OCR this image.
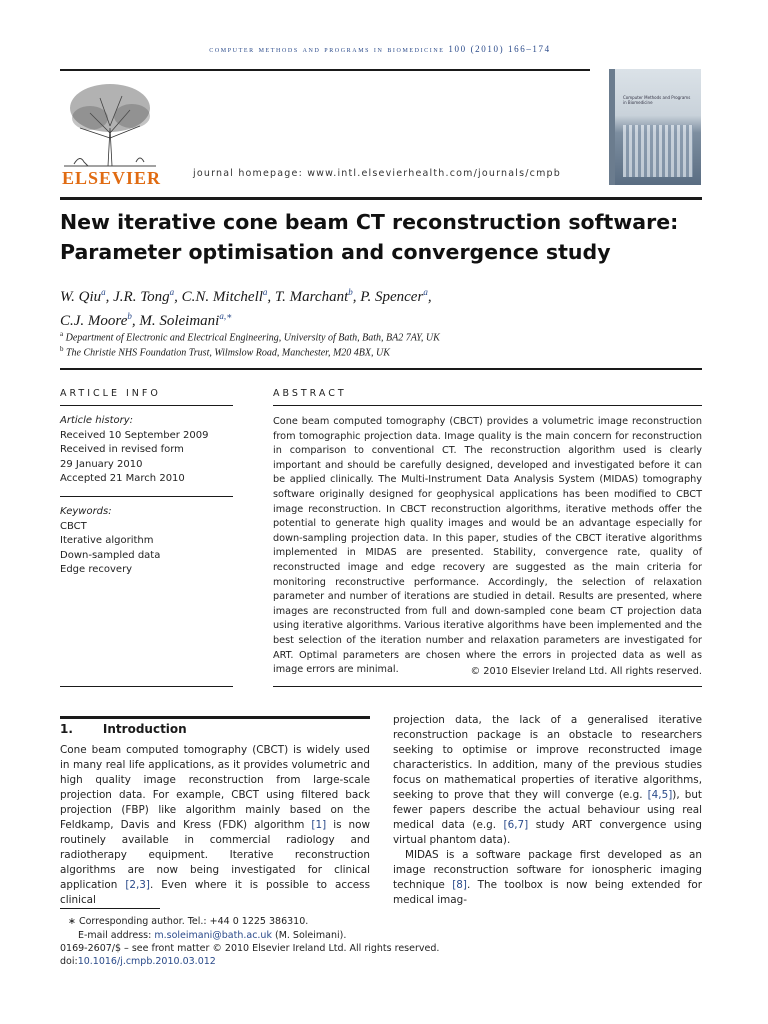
computer methods and programs in biomedicine 100 (2010) 166–174
ELSEVIER	journal homepage: www.intl.elsevierhealth.com/journals/cmpb
Computer Methods and Programs in Biomedicine
New iterative cone beam CT reconstruction software:
Parameter optimisation and convergence study
W. Qiu$^a$, J.R. Tong$^a$, C.N. Mitchell$^a$, T. Marchant$^b$, P. Spencer$^a$,
C.J. Moore$^b$, M. Soleimani$^{a,∗}$
$^a$ Department of Electronic and Electrical Engineering, University of Bath, Bath, BA2 7AY, UK
$^b$ The Christie NHS Foundation Trust, Wilmslow Road, Manchester, M20 4BX, UK
ARTICLE INFO
Article history:
Received 10 September 2009
Received in revised form
29 January 2010
Accepted 21 March 2010
Keywords:
CBCT
Iterative algorithm
Down-sampled data
Edge recovery
ABSTRACT
Cone beam computed tomography (CBCT) provides a volumetric image reconstruction from tomographic projection data. Image quality is the main concern for reconstruction in comparison to conventional CT. The reconstruction algorithm used is clearly important and should be carefully designed, developed and investigated before it can be applied clinically. The Multi-Instrument Data Analysis System (MIDAS) tomography software originally designed for geophysical applications has been modified to CBCT image reconstruction. In CBCT reconstruction algorithms, iterative methods offer the potential to generate high quality images and would be an advantage especially for down-sampling projection data. In this paper, studies of the CBCT iterative algorithms implemented in MIDAS are presented. Stability, convergence rate, quality of reconstructed image and edge recovery are suggested as the main criteria for monitoring reconstructive performance. Accordingly, the selection of relaxation parameter and number of iterations are studied in detail. Results are presented, where images are reconstructed from full and down-sampled cone beam CT projection data using iterative algorithms. Various iterative algorithms have been implemented and the best selection of the iteration number and relaxation parameters are investigated for ART. Optimal parameters are chosen where the errors in projected data as well as image errors are minimal.	© 2010 Elsevier Ireland Ltd. All rights reserved.
1.	Introduction
Cone beam computed tomography (CBCT) is widely used in many real life applications, as it provides volumetric and high quality image reconstruction from large-scale projection data. For example, CBCT using filtered back projection (FBP) like algorithm mainly based on the Feldkamp, Davis and Kress (FDK) algorithm [1] is now routinely available in commercial radiology and radiotherapy equipment. Iterative reconstruction algorithms are now being investigated for clinical application [2,3]. Even where it is possible to access clinical
projection data, the lack of a generalised iterative reconstruction package is an obstacle to researchers seeking to optimise or improve reconstructed image characteristics. In addition, many of the previous studies focus on mathematical properties of iterative algorithms, seeking to prove that they will converge (e.g. [4,5]), but fewer papers describe the actual behaviour using real medical data (e.g. [6,7] study ART convergence using virtual phantom data).
MIDAS is a software package first developed as an image reconstruction software for ionospheric imaging technique [8]. The toolbox is now being extended for medical imag-
∗ Corresponding author. Tel.: +44 0 1225 386310.
E-mail address: m.soleimani@bath.ac.uk (M. Soleimani).
0169-2607/$ – see front matter © 2010 Elsevier Ireland Ltd. All rights reserved.
doi:10.1016/j.cmpb.2010.03.012
